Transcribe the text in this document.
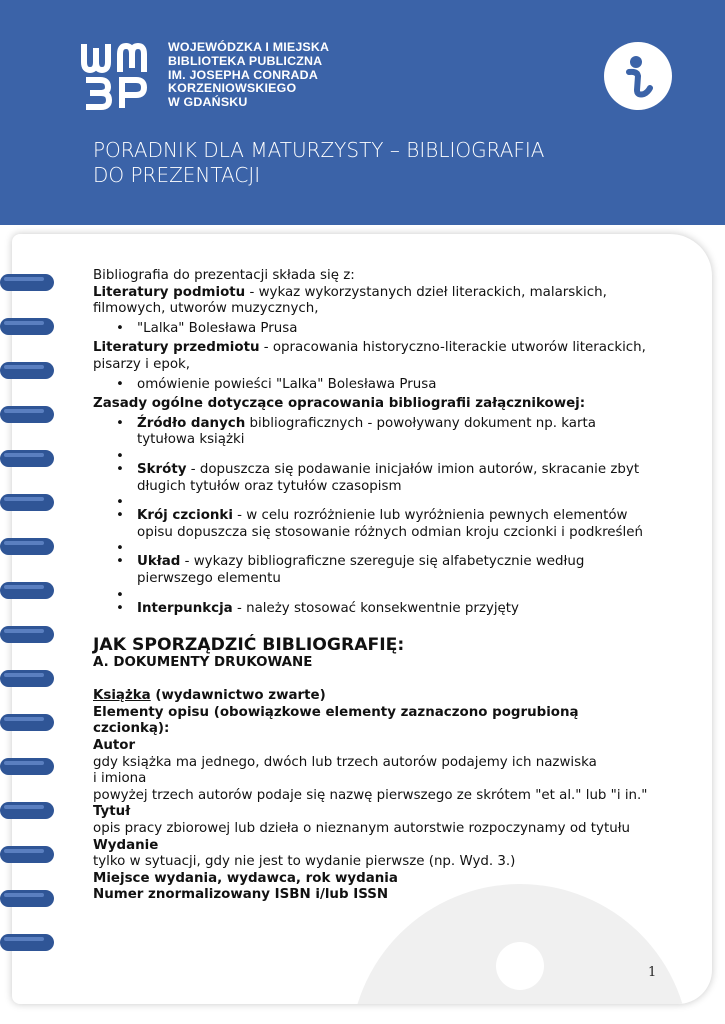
WOJEWÓDZKA I MIEJSKA
BIBLIOTEKA PUBLICZNA
IM. JOSEPHA CONRADA
KORZENIOWSKIEGO
W GDAŃSKU
PORADNIK DLA MATURZYSTY – BIBLIOGRAFIA
DO PREZENTACJI

Bibliografia do prezentacji składa się z:

Literatury podmiotu - wykaz wykorzystanych dzieł literackich, malarskich, filmowych, utworów muzycznych,

• "Lalka" Bolesława Prusa

Literatury przedmiotu - opracowania historyczno-literackie utworów literackich, pisarzy i epok,

• omówienie powieści "Lalka" Bolesława Prusa

Zasady ogólne dotyczące opracowania bibliografii załącznikowej:

• Źródło danych bibliograficznych - powoływany dokument np. karta tytułowa książki
•
• Skróty - dopuszcza się podawanie inicjałów imion autorów, skracanie zbyt długich tytułów oraz tytułów czasopism
•
• Krój czcionki - w celu rozróżnienie lub wyróżnienia pewnych elementów opisu dopuszcza się stosowanie różnych odmian kroju czcionki i podkreśleń
•
• Układ - wykazy bibliograficzne szereguje się alfabetycznie według pierwszego elementu
•
• Interpunkcja - należy stosować konsekwentnie przyjęty

JAK SPORZĄDZIĆ BIBLIOGRAFIĘ:

A. DOKUMENTY DRUKOWANE

Książka (wydawnictwo zwarte)

Elementy opisu (obowiązkowe elementy zaznaczono pogrubioną czcionką):

Autor

gdy książka ma jednego, dwóch lub trzech autorów podajemy ich nazwiska

i imiona

powyżej trzech autorów podaje się nazwę pierwszego ze skrótem "et al." lub "i in."

Tytuł

opis pracy zbiorowej lub dzieła o nieznanym autorstwie rozpoczynamy od tytułu

Wydanie

tylko w sytuacji, gdy nie jest to wydanie pierwsze (np. Wyd. 3.)

Miejsce wydania, wydawca, rok wydania

Numer znormalizowany ISBN i/lub ISSN

1
